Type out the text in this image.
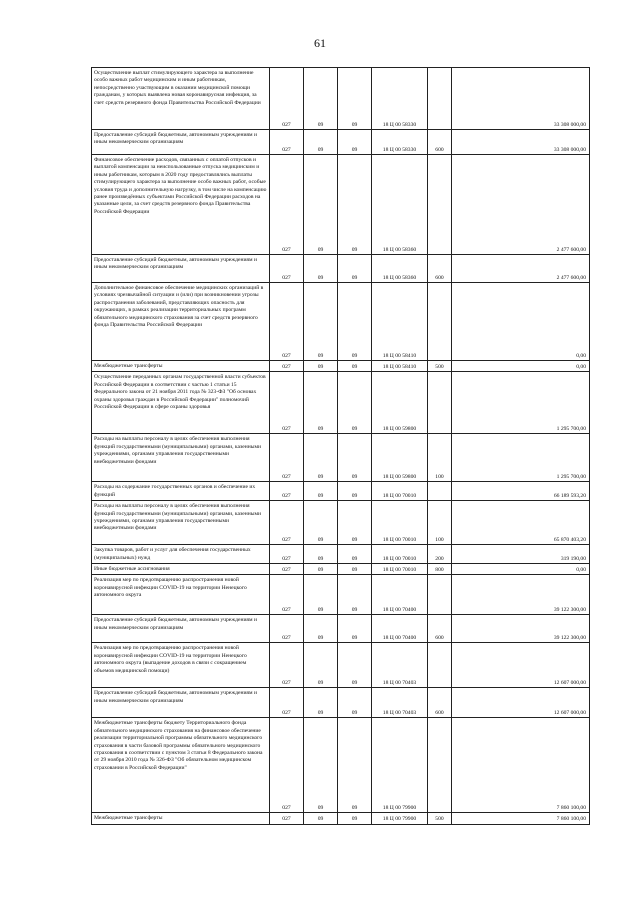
61
Осуществление выплат стимулирующего характера за выполнение особо важных работ медицинским и иным работникам, непосредственно участвующим в оказании медицинской помощи гражданам, у которых выявлена новая коронавирусная инфекция, за счет средств резервного фонда Правительства Российской Федерации	027	09	09	18 Ц 00 58330		33 308 000,00
Предоставление субсидий бюджетным, автономным учреждениям и иным некоммерческим организациям	027	09	09	18 Ц 00 58330	600	33 308 000,00
Финансовое обеспечение расходов, связанных с оплатой отпусков и выплатой компенсации за неиспользованные отпуска медицинским и иным работникам, которым в 2020 году предоставлялись выплаты стимулирующего характера за выполнение особо важных работ, особые условия труда и дополнительную нагрузку, в том числе на компенсацию ранее произведённых субъектами Российской Федерации расходов на указанные цели, за счет средств резервного фонда Правительства Российской Федерации	027	09	09	18 Ц 00 58360		2 477 600,00
Предоставление субсидий бюджетным, автономным учреждениям и иным некоммерческим организациям	027	09	09	18 Ц 00 58360	600	2 477 600,00
Дополнительное финансовое обеспечение медицинских организаций в условиях чрезвычайной ситуации и (или) при возникновении угрозы распространения заболеваний, представляющих опасность для окружающих, в рамках реализации территориальных программ обязательного медицинского страхования за счет средств резервного фонда Правительства Российской Федерации	027	09	09	18 Ц 00 58410		0,00
Межбюджетные трансферты	027	09	09	18 Ц 00 58410	500	0,00
Осуществление переданных органам государственной власти субъектов Российской Федерации в соответствии с частью 1 статьи 15 Федерального закона от 21 ноября 2011 года № 323-ФЗ "Об основах охраны здоровья граждан в Российской Федерации" полномочий Российской Федерации в сфере охраны здоровья	027	09	09	18 Ц 00 59800		1 295 700,00
Расходы на выплаты персоналу в целях обеспечения выполнения функций государственными (муниципальными) органами, казенными учреждениями, органами управления государственными внебюджетными фондами	027	09	09	18 Ц 00 59800	100	1 295 700,00
Расходы на содержание государственных органов и обеспечение их функций	027	09	09	18 Ц 00 70010		66 189 593,20
Расходы на выплаты персоналу в целях обеспечения выполнения функций государственными (муниципальными) органами, казенными учреждениями, органами управления государственными внебюджетными фондами	027	09	09	18 Ц 00 70010	100	65 870 403,20
Закупка товаров, работ и услуг для обеспечения государственных (муниципальных) нужд	027	09	09	18 Ц 00 70010	200	319 190,00
Иные бюджетные ассигнования	027	09	09	18 Ц 00 70010	800	0,00
Реализация мер по предотвращению распространения новой коронавирусной инфекции COVID-19 на территории Ненецкого автономного округа	027	09	09	18 Ц 00 70400		39 122 300,00
Предоставление субсидий бюджетным, автономным учреждениям и иным некоммерческим организациям	027	09	09	18 Ц 00 70400	600	39 122 300,00
Реализация мер по предотвращению распространения новой коронавирусной инфекции COVID-19 на территории Ненецкого автономного округа (выпадение доходов в связи с сокращением объемов медицинской помощи)	027	09	09	18 Ц 00 70403		12 607 000,00
Предоставление субсидий бюджетным, автономным учреждениям и иным некоммерческим организациям	027	09	09	18 Ц 00 70403	600	12 607 000,00
Межбюджетные трансферты бюджету Территориального фонда обязательного медицинского страхования на финансовое обеспечение реализации территориальной программы обязательного медицинского страхования в части базовой программы обязательного медицинского страхования в соответствии с пунктом 3 статьи 8 Федерального закона от 29 ноября 2010 года № 326-ФЗ "Об обязательном медицинском страховании в Российской Федерации"	027	09	09	18 Ц 00 79900		7 860 100,00
Межбюджетные трансферты	027	09	09	18 Ц 00 79900	500	7 860 100,00
